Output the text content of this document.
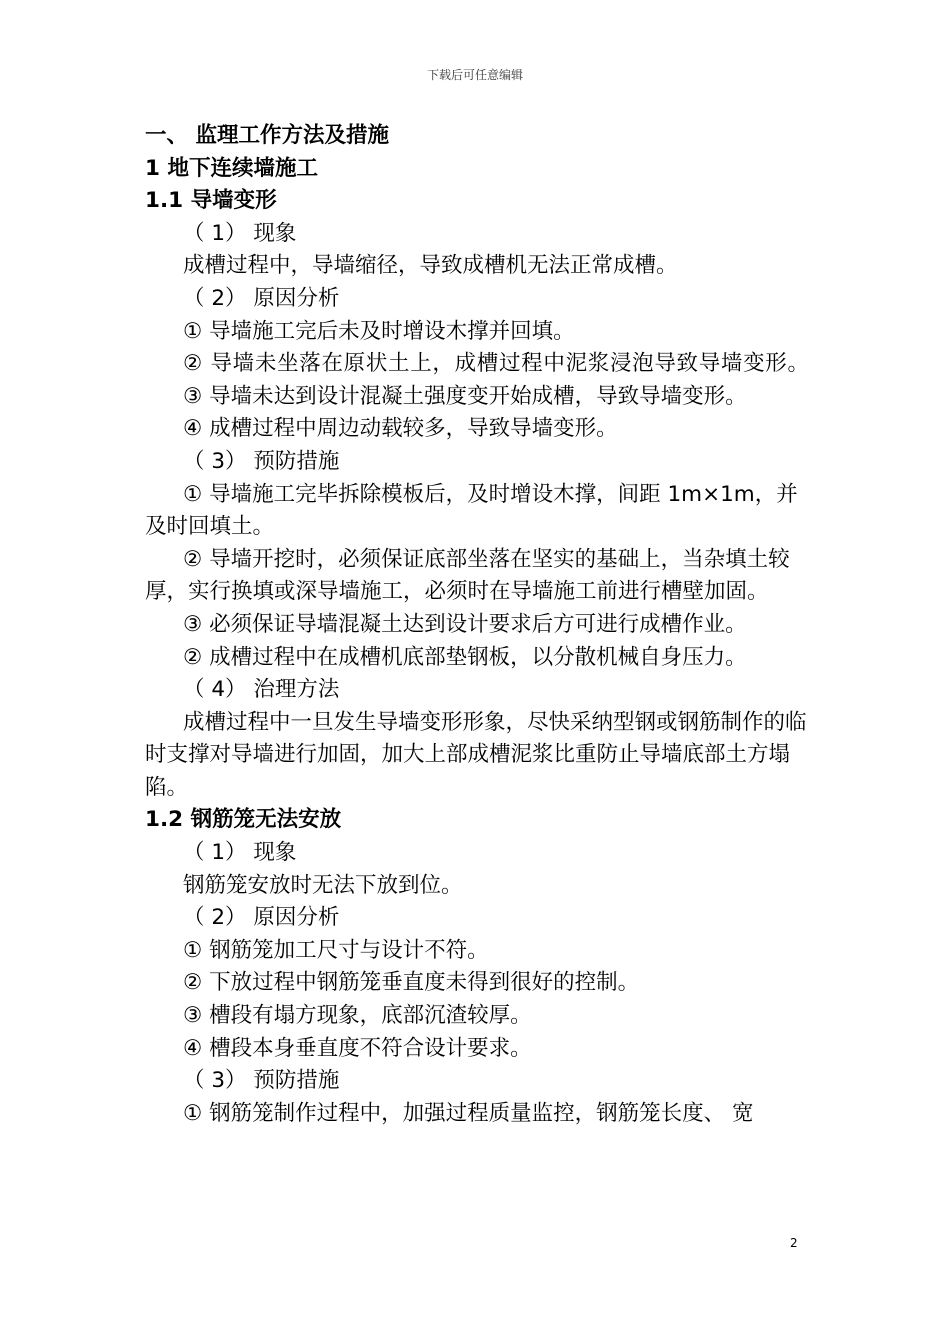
下载后可任意编辑
一、 监理工作方法及措施
1 地下连续墙施工
1.1 导墙变形
（ 1） 现象
成槽过程中，导墙缩径，导致成槽机无法正常成槽。
（ 2） 原因分析
① 导墙施工完后未及时增设木撑并回填。
② 导墙未坐落在原状土上，成槽过程中泥浆浸泡导致导墙变形。
③ 导墙未达到设计混凝土强度变开始成槽，导致导墙变形。
④ 成槽过程中周边动载较多，导致导墙变形。
（ 3） 预防措施
① 导墙施工完毕拆除模板后，及时增设木撑，间距 1m×1m，并及时回填土。
② 导墙开挖时，必须保证底部坐落在坚实的基础上，当杂填土较厚，实行换填或深导墙施工，必须时在导墙施工前进行槽壁加固。
③ 必须保证导墙混凝土达到设计要求后方可进行成槽作业。
② 成槽过程中在成槽机底部垫钢板，以分散机械自身压力。
（ 4） 治理方法
成槽过程中一旦发生导墙变形形象，尽快采纳型钢或钢筋制作的临时支撑对导墙进行加固，加大上部成槽泥浆比重防止导墙底部土方塌陷。
1.2 钢筋笼无法安放
（ 1） 现象
钢筋笼安放时无法下放到位。
（ 2） 原因分析
① 钢筋笼加工尺寸与设计不符。
② 下放过程中钢筋笼垂直度未得到很好的控制。
③ 槽段有塌方现象，底部沉渣较厚。
④ 槽段本身垂直度不符合设计要求。
（ 3） 预防措施
① 钢筋笼制作过程中，加强过程质量监控，钢筋笼长度、 宽
2
